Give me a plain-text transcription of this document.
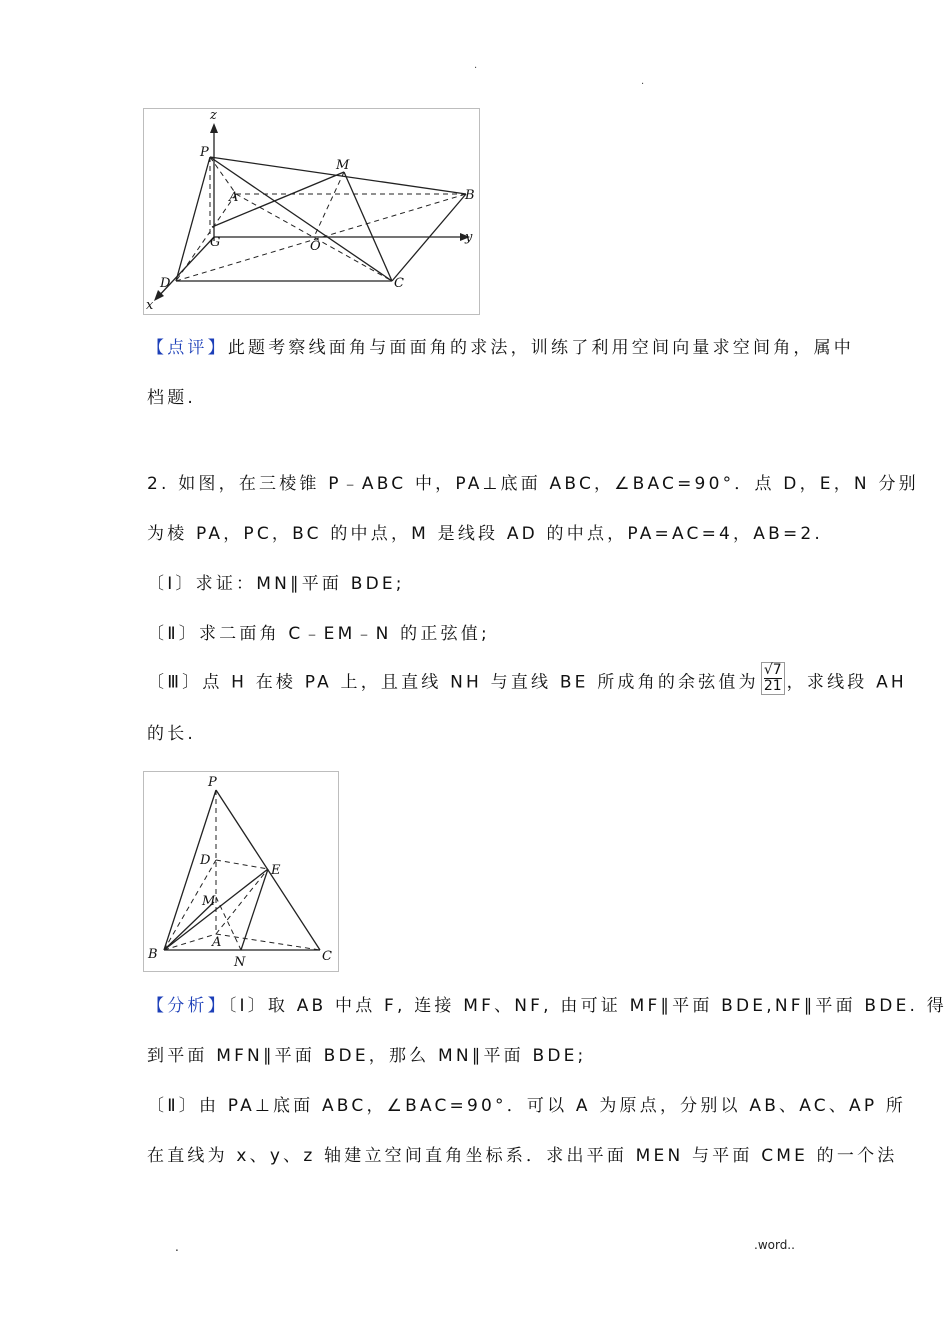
.
.
z
P
M
A	B
G	O
y
D	C
x
【点评】此题考察线面角与面面角的求法，训练了利用空间向量求空间角，属中
档题.
2. 如图，在三棱锥 P﹣ABC 中，PA⊥底面 ABC，∠BAC=90°．点 D，E，N 分别
为棱 PA，PC，BC 的中点，M 是线段 AD 的中点，PA=AC=4，AB=2.
〔Ⅰ〕求证：MN∥平面 BDE;
〔Ⅱ〕求二面角 C﹣EM﹣N 的正弦值;
〔Ⅲ〕点 H 在棱 PA 上，且直线 NH 与直线 BE 所成角的余弦值为 $\frac{√7}{21}$ ，求线段 AH
的长.
P
D
E
M
A
B
N	C
【分析】〔Ⅰ〕取 AB 中点 F, 连接 MF、NF, 由可证 MF∥平面 BDE,NF∥平面 BDE. 得
到平面 MFN∥平面 BDE，那么 MN∥平面 BDE;
〔Ⅱ〕由 PA⊥底面 ABC，∠BAC=90°．可以 A 为原点，分别以 AB、AC、AP 所
在直线为 x、y、z 轴建立空间直角坐标系．求出平面 MEN 与平面 CME 的一个法
.	.word..
